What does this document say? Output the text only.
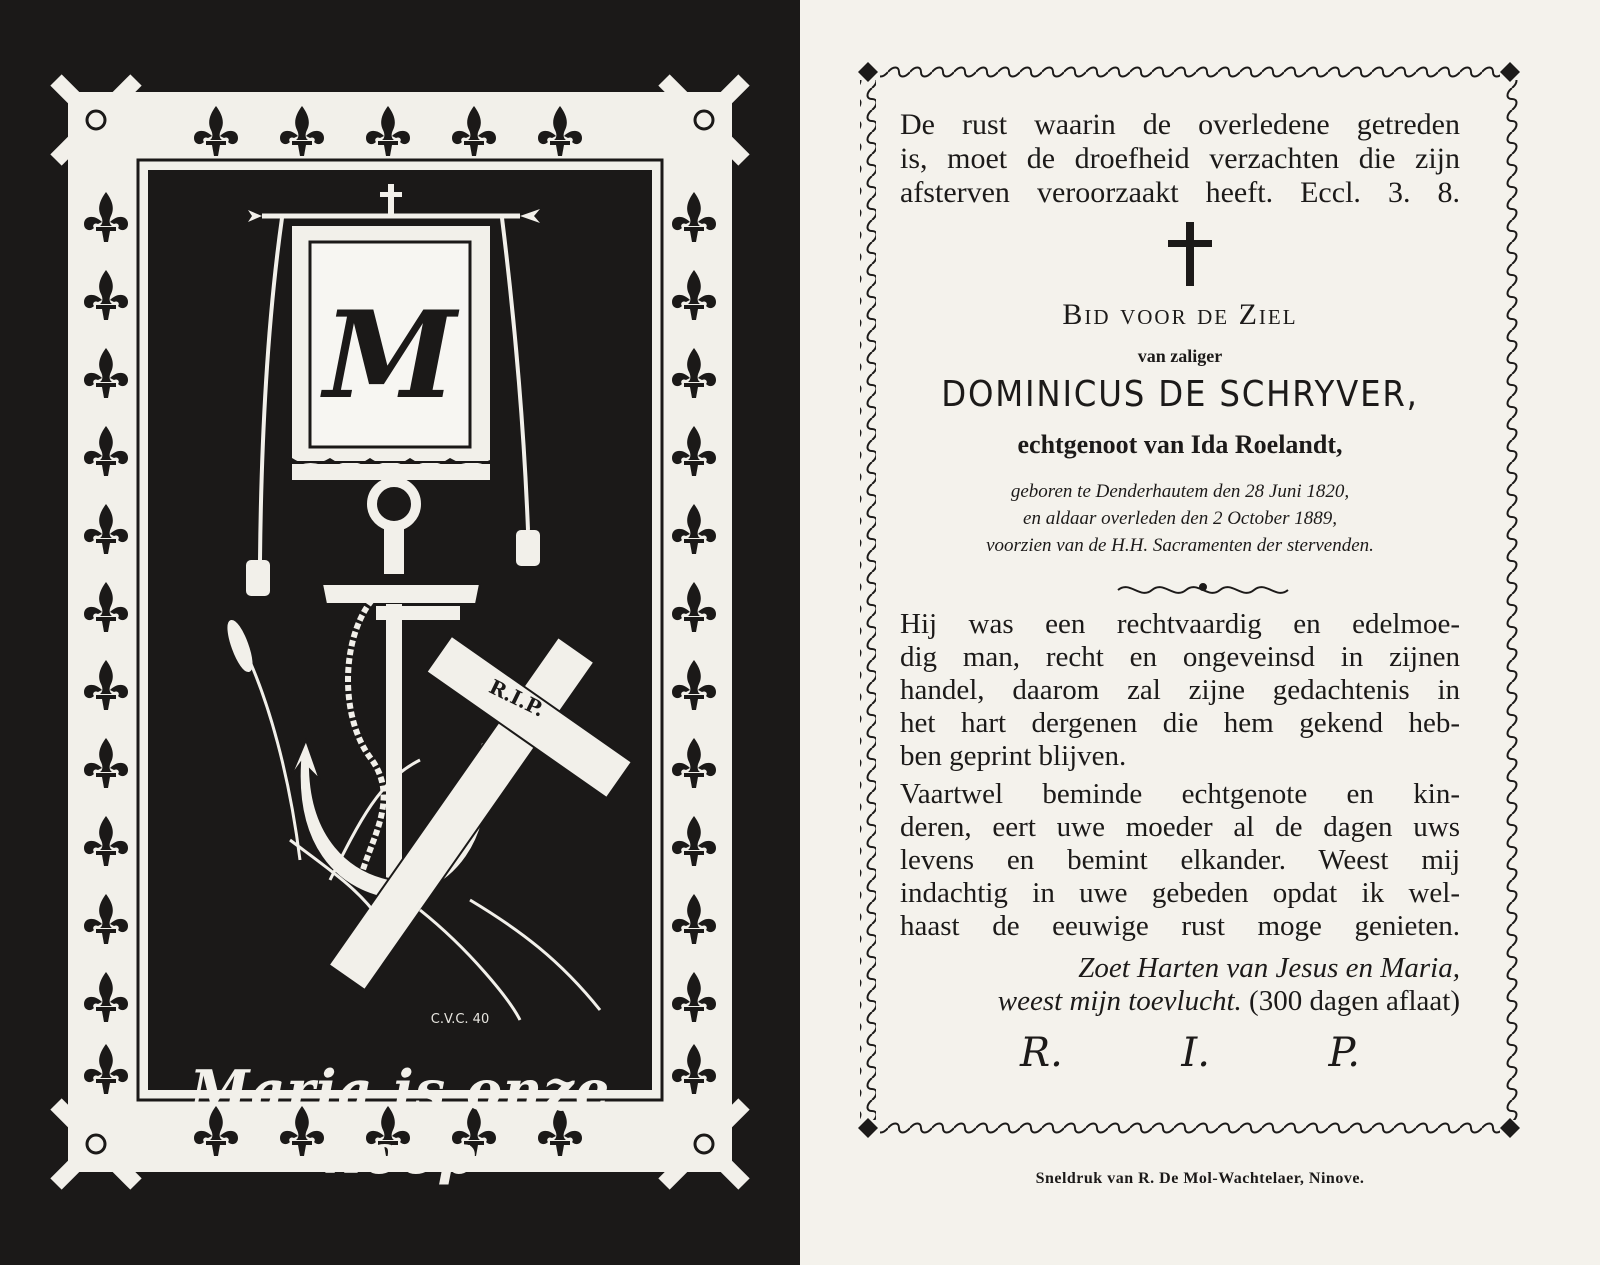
M
R.I.P.
C.V.C. 40
Maria is onze hoop
De rust waarin de overledene getreden
is, moet de droefheid verzachten die zijn
afsterven veroorzaakt heeft. Eccl. 3. 8.
Bid voor de Ziel
van zaliger
DOMINICUS DE SCHRYVER,
echtgenoot van Ida Roelandt,
geboren te Denderhautem den 28 Juni 1820,
en aldaar overleden den 2 October 1889,
voorzien van de H.H. Sacramenten der stervenden.
Hij was een rechtvaardig en edelmoe-
dig man, recht en ongeveinsd in zijnen
handel, daarom zal zijne gedachtenis in
het hart dergenen die hem gekend heb-
ben geprint blijven.
Vaartwel beminde echtgenote en kin-
deren, eert uwe moeder al de dagen uws
levens en bemint elkander. Weest mij
indachtig in uwe gebeden opdat ik wel-
haast de eeuwige rust moge genieten.
Zoet Harten van Jesus en Maria,
weest mijn toevlucht. (300 dagen aflaat)
R.	I.	P.
Sneldruk van R. De Mol-Wachtelaer, Ninove.
